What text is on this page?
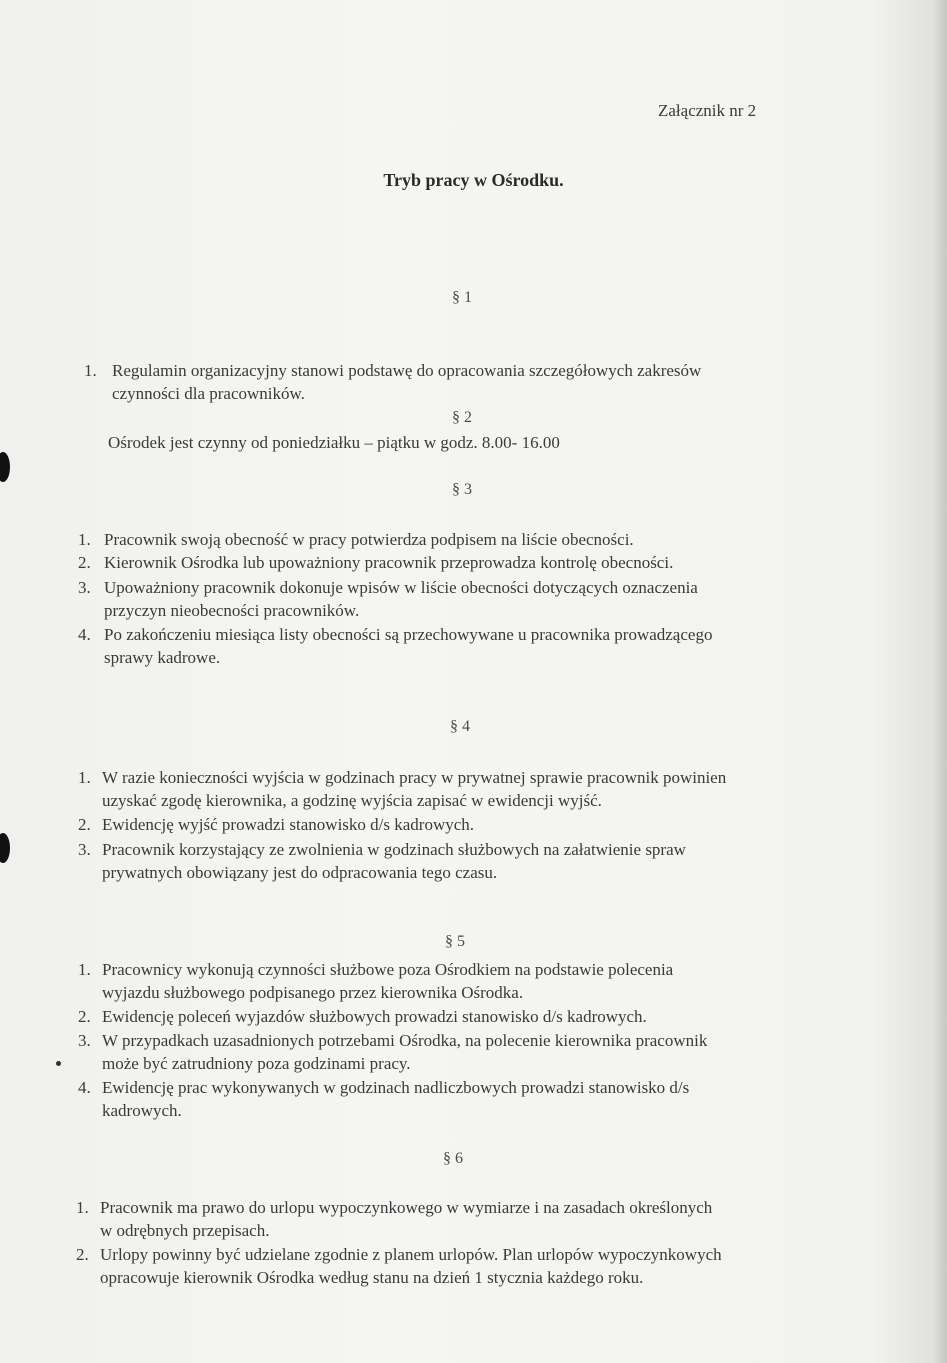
Załącznik nr 2
Tryb pracy w Ośrodku.
§ 1
1. Regulamin organizacyjny stanowi podstawę do opracowania szczegółowych zakresów
czynności dla pracowników.
§ 2
Ośrodek jest czynny od poniedziałku – piątku w godz. 8.00- 16.00
§ 3
1. Pracownik swoją obecność w pracy potwierdza podpisem na liście obecności.
2. Kierownik Ośrodka lub upoważniony pracownik przeprowadza kontrolę obecności.
3. Upoważniony pracownik dokonuje wpisów w liście obecności dotyczących oznaczenia
przyczyn nieobecności pracowników.
4. Po zakończeniu miesiąca listy obecności są przechowywane u pracownika prowadzącego
sprawy kadrowe.
§ 4
1. W razie konieczności wyjścia w godzinach pracy w prywatnej sprawie pracownik powinien
uzyskać zgodę kierownika, a godzinę wyjścia zapisać w ewidencji wyjść.
2. Ewidencję wyjść prowadzi stanowisko d/s kadrowych.
3. Pracownik korzystający ze zwolnienia w godzinach służbowych na załatwienie spraw
prywatnych obowiązany jest do odpracowania tego czasu.
§ 5
1. Pracownicy wykonują czynności służbowe poza Ośrodkiem na podstawie polecenia
wyjazdu służbowego podpisanego przez kierownika Ośrodka.
2. Ewidencję poleceń wyjazdów służbowych prowadzi stanowisko d/s kadrowych.
3. W przypadkach uzasadnionych potrzebami Ośrodka, na polecenie kierownika pracownik
może być zatrudniony poza godzinami pracy.
4. Ewidencję prac wykonywanych w godzinach nadliczbowych prowadzi stanowisko d/s
kadrowych.
§ 6
1. Pracownik ma prawo do urlopu wypoczynkowego w wymiarze i na zasadach określonych
w odrębnych przepisach.
2. Urlopy powinny być udzielane zgodnie z planem urlopów. Plan urlopów wypoczynkowych
opracowuje kierownik Ośrodka według stanu na dzień 1 stycznia każdego roku.
